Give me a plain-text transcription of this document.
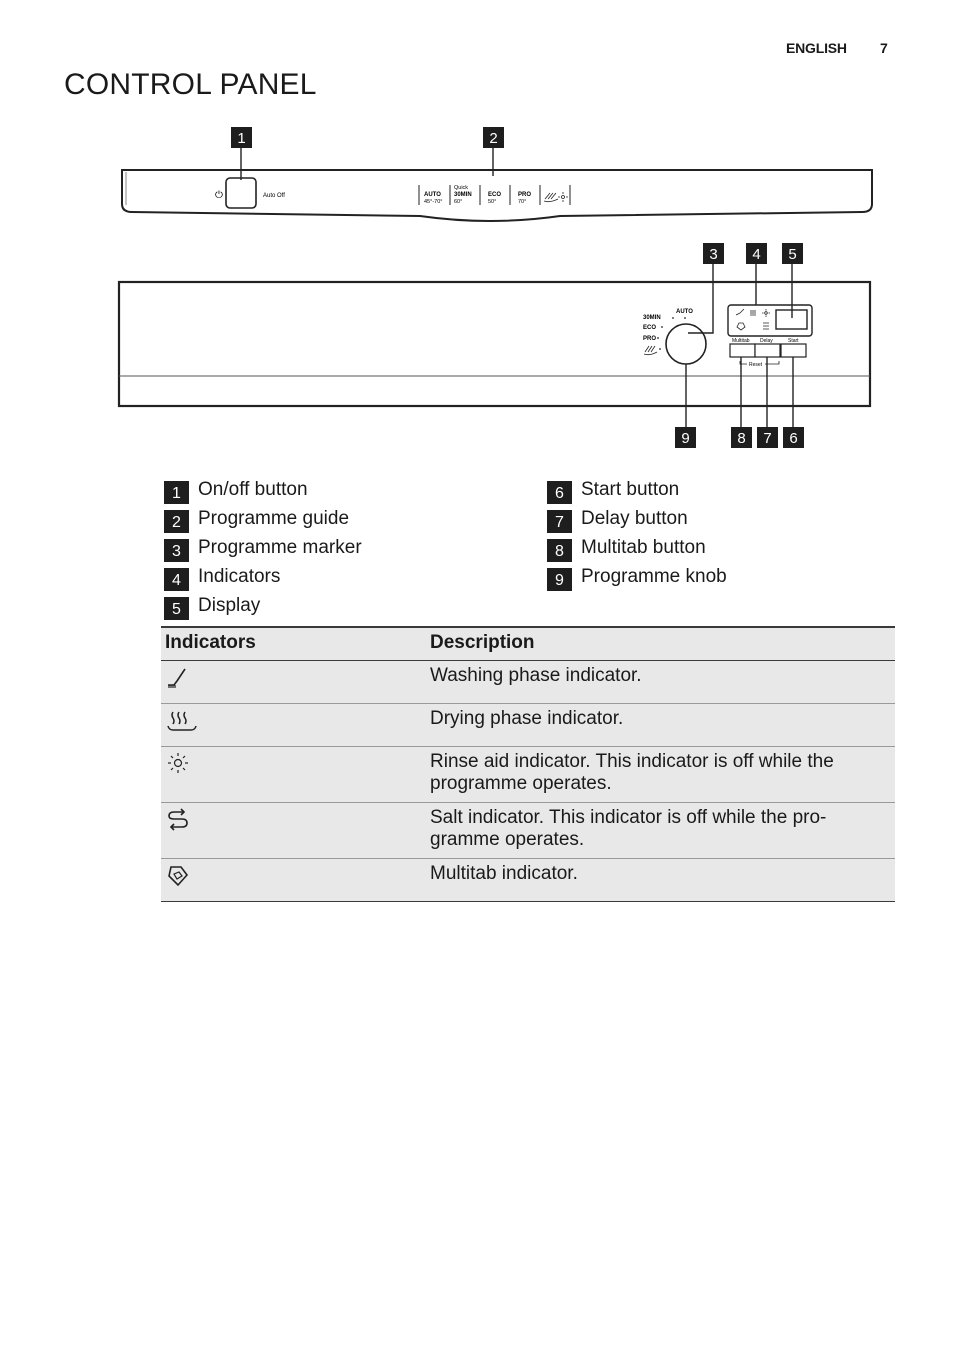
ENGLISH 7
CONTROL PANEL
⏻	Auto Off	AUTO
45°-70°
Quick
30MIN
60°
ECO
50°
PRO
70°
1	2
30MIN
ECO
PRO
AUTO
Multitab Delay	Start
Reset
3 4 5
9	8 7 6
1 On/off button
2 Programme guide
3 Programme marker
4 Indicators
5 Display
6 Start button
7 Delay button
8 Multitab button
9 Programme knob
Indicators	Description
	Washing phase indicator.
	Drying phase indicator.
	Rinse aid indicator. This indicator is off while the programme operates.
	Salt indicator. This indicator is off while the pro-gramme operates.
	Multitab indicator.
